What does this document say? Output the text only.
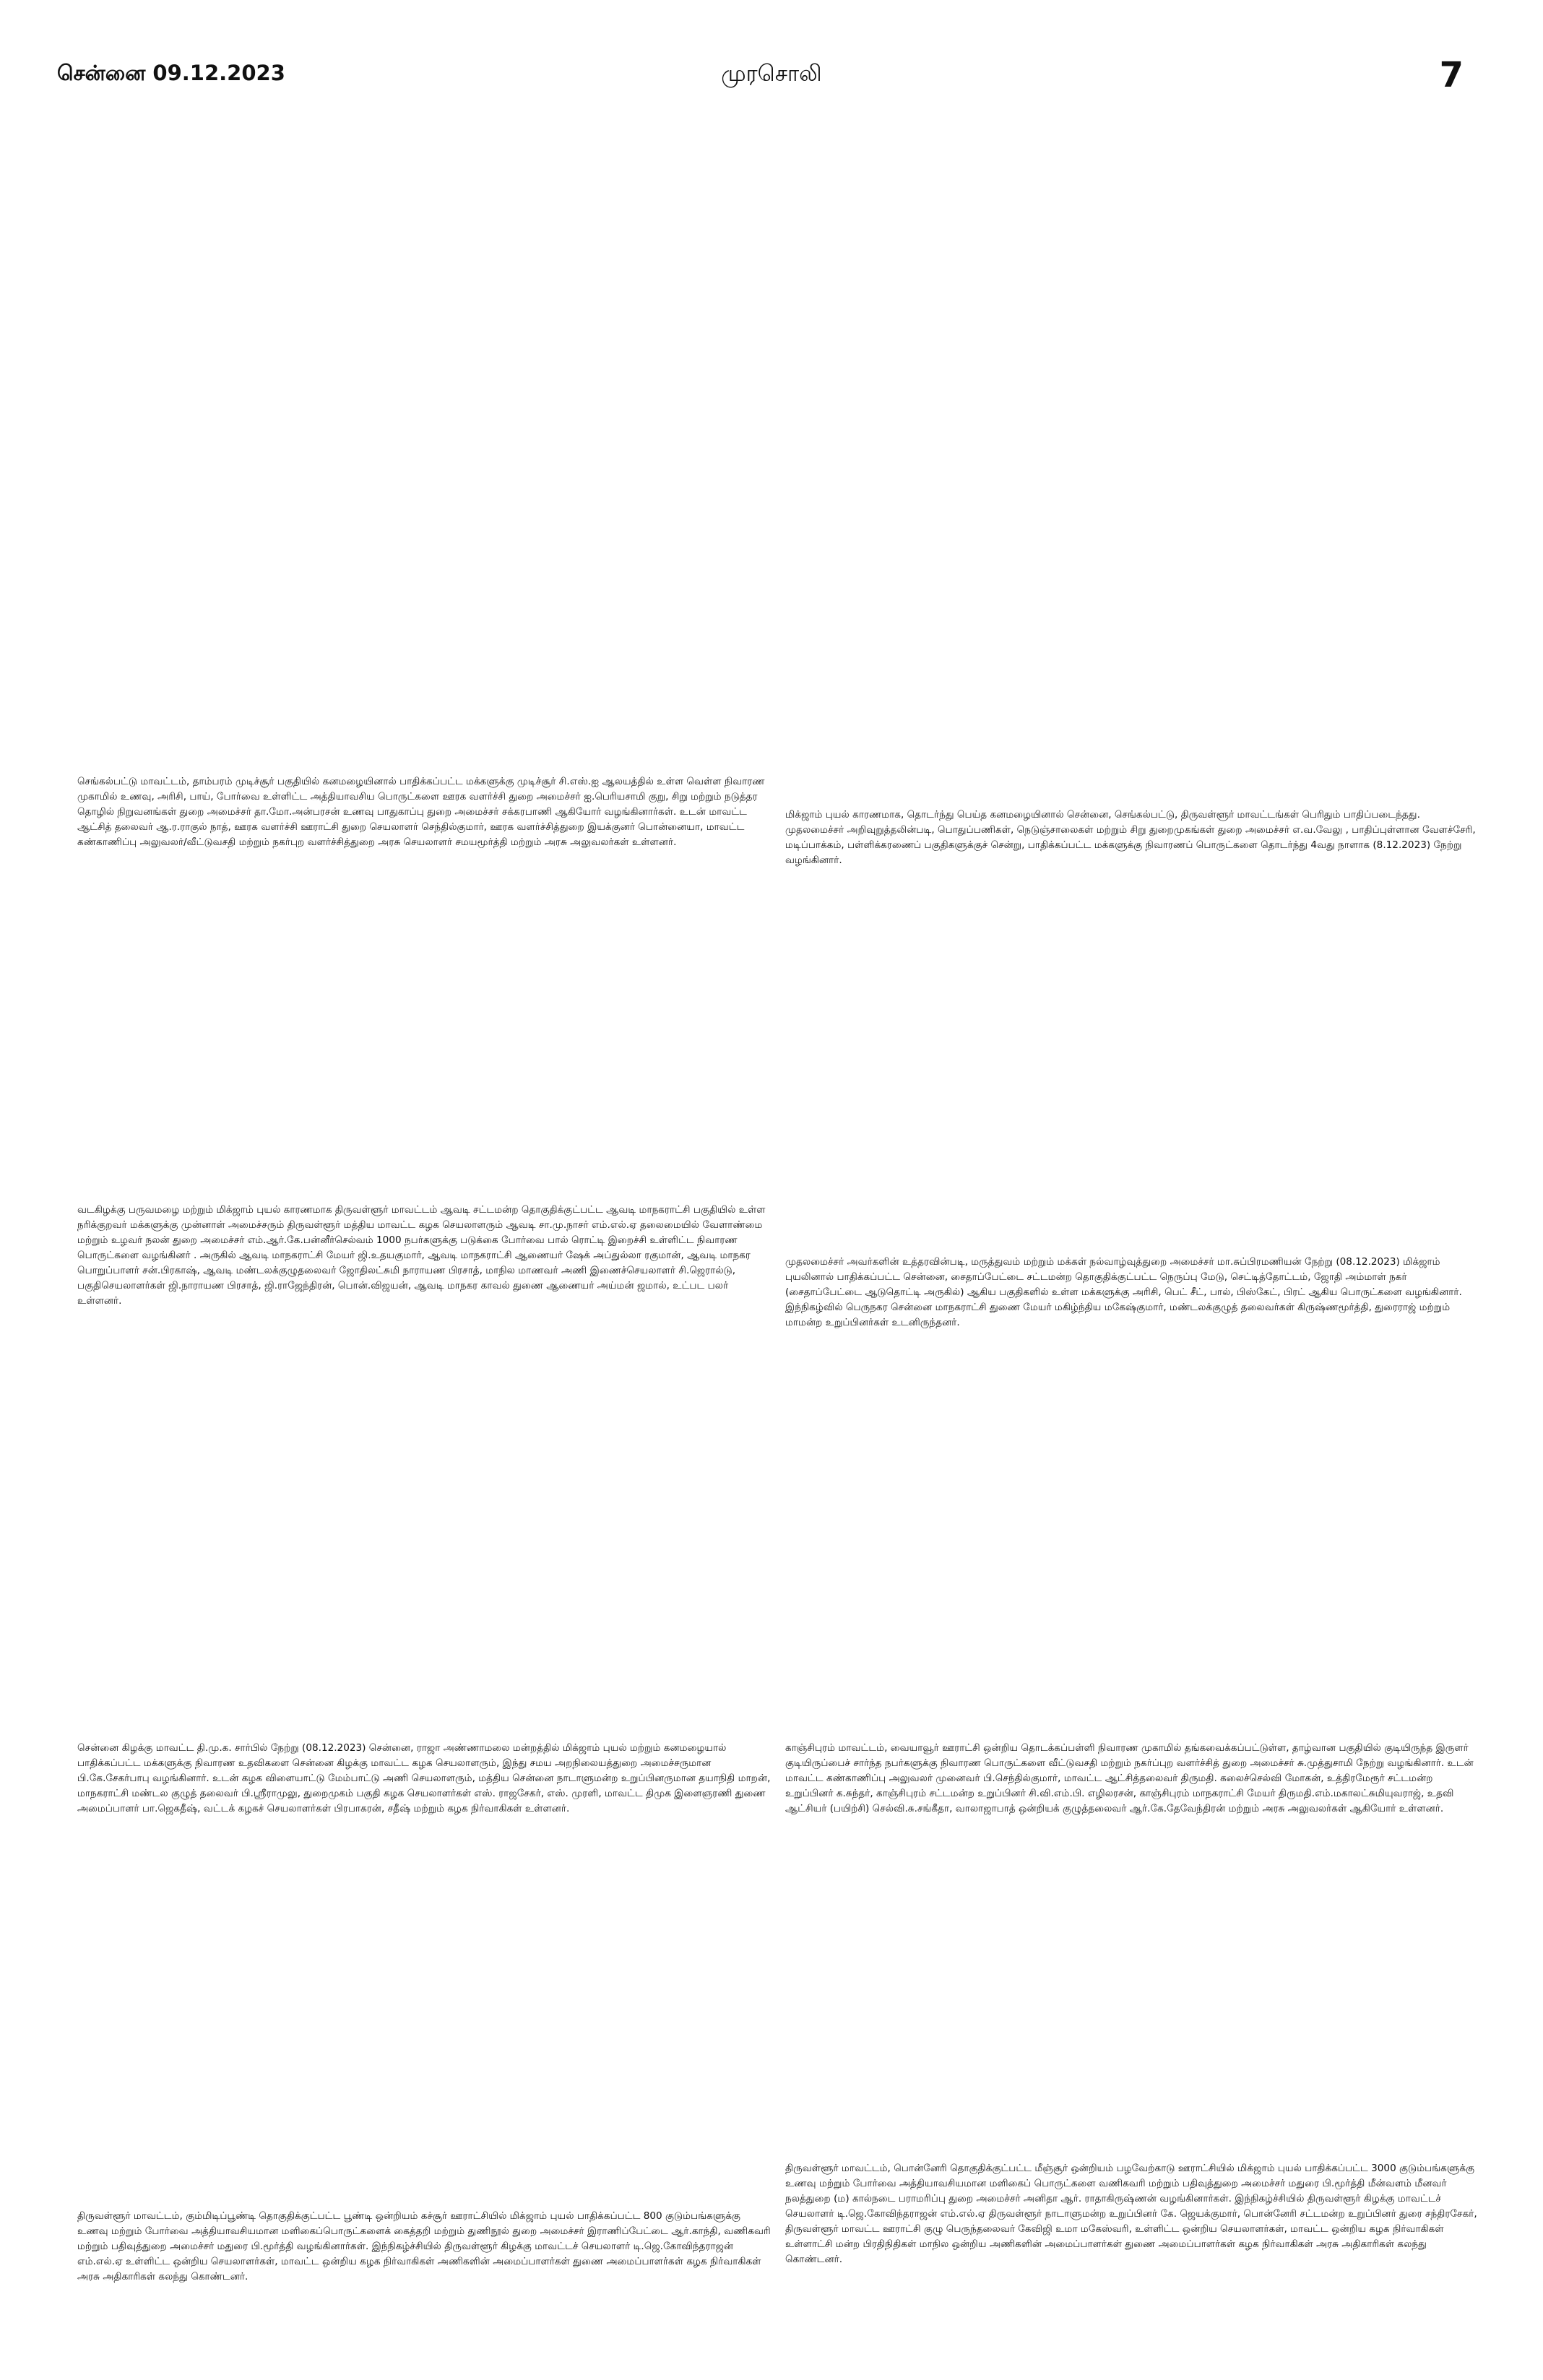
சென்னை 09.12.2023	முரசொலி	7
செங்கல்பட்டு மாவட்டம், தாம்பரம் முடிச்சூர் பகுதியில் கனமழையினால் பாதிக்கப்பட்ட மக்களுக்கு முடிச்சூர் சி.எஸ்.ஐ ஆலயத்தில் உள்ள வெள்ள நிவாரண முகாமில் உணவு, அரிசி, பாய், போர்வை உள்ளிட்ட அத்தியாவசிய பொருட்களை ஊரக வளர்ச்சி துறை அமைச்சர் ஐ.பெரியசாமி குறு, சிறு மற்றும் நடுத்தர தொழில் நிறுவனங்கள் துறை அமைச்சர் தா.மோ.அன்பரசன் உணவு பாதுகாப்பு துறை அமைச்சர் சக்கரபாணி ஆகியோர் வழங்கினார்கள். உடன் மாவட்ட ஆட்சித் தலைவர் ஆ.ர.ராகுல் நாத், ஊரக வளர்ச்சி ஊராட்சி துறை செயலாளர் செந்தில்குமார், ஊரக வளர்ச்சித்துறை இயக்குனர் பொன்னையா, மாவட்ட கண்காணிப்பு அலுவலர்/வீட்டுவசதி மற்றும் நகர்புற வளர்ச்சித்துறை அரசு செயலாளர் சமயமூர்த்தி மற்றும் அரசு அலுவலர்கள் உள்ளனர்.
மிக்ஜாம் புயல் காரணமாக, தொடர்ந்து பெய்த கனமழையினால் சென்னை, செங்கல்பட்டு, திருவள்ளூர் மாவட்டங்கள் பெரிதும் பாதிப்படைந்தது. முதலமைச்சர் அறிவுறுத்தலின்படி, பொதுப்பணிகள், நெடுஞ்சாலைகள் மற்றும் சிறு துறைமுகங்கள் துறை அமைச்சர் எ.வ.வேலு , பாதிப்புள்ளான வேளச்சேரி, மடிப்பாக்கம், பள்ளிக்கரணைப் பகுதிகளுக்குச் சென்று, பாதிக்கப்பட்ட மக்களுக்கு நிவாரணப் பொருட்களை தொடர்ந்து 4வது நாளாக (8.12.2023) நேற்று வழங்கினார்.
வடகிழக்கு பருவமழை மற்றும் மிக்ஜாம் புயல் காரணமாக திருவள்ளூர் மாவட்டம் ஆவடி சட்டமன்ற தொகுதிக்குட்பட்ட ஆவடி மாநகராட்சி பகுதியில் உள்ள நரிக்குறவர் மக்களுக்கு முன்னாள் அமைச்சரும் திருவள்ளூர் மத்திய மாவட்ட கழக செயலாளரும் ஆவடி சா.மு.நாசர் எம்.எல்.ஏ தலைமையில் வேளாண்மை மற்றும் உழவர் நலன் துறை அமைச்சர் எம்.ஆர்.கே.பன்னீர்செல்வம் 1000 நபர்களுக்கு படுக்கை போர்வை பால் ரொட்டி இறைச்சி உள்ளிட்ட நிவாரண பொருட்களை வழங்கினர் . அருகில் ஆவடி மாநகராட்சி மேயர் ஜி.உதயகுமார், ஆவடி மாநகராட்சி ஆணையர் ஷேக் அப்துல்லா ரகுமான், ஆவடி மாநகர பொறுப்பாளர் சன்.பிரகாஷ், ஆவடி மண்டலக்குழுதலைவர் ஜோதிலட்சுமி நாராயண பிரசாத், மாநில மாணவர் அணி இணைச்செயலாளர் சி.ஜெரால்டு, பகுதிசெயலாளர்கள் ஜி.நாராயண பிரசாத், ஜி.ராஜேந்திரன், பொன்.விஜயன், ஆவடி மாநகர காவல் துணை ஆணையர் அய்மன் ஜமால், உட்பட பலர் உள்ளனர்.
முதலமைச்சர் அவர்களின் உத்தரவின்படி, மருத்துவம் மற்றும் மக்கள் நல்வாழ்வுத்துறை அமைச்சர் மா.சுப்பிரமணியன் நேற்று (08.12.2023) மிக்ஜாம் புயலினால் பாதிக்கப்பட்ட சென்னை, சைதாப்பேட்டை சட்டமன்ற தொகுதிக்குட்பட்ட நெருப்பு மேடு, செட்டித்தோட்டம், ஜோதி அம்மாள் நகர் (சைதாப்பேட்டை ஆடுதொட்டி அருகில்) ஆகிய பகுதிகளில் உள்ள மக்களுக்கு அரிசி, பெட் சீட், பால், பிஸ்கேட், பிரட் ஆகிய பொருட்களை வழங்கினார். இந்நிகழ்வில் பெருநகர சென்னை மாநகராட்சி துணை மேயர் மகிழ்ந்திய மகேஷ்குமார், மண்டலக்குழுத் தலைவர்கள் கிருஷ்ணமூர்த்தி, துரைராஜ் மற்றும் மாமன்ற உறுப்பினர்கள் உடனிருந்தனர்.
சென்னை கிழக்கு மாவட்ட தி.மு.க. சார்பில் நேற்று (08.12.2023) சென்னை, ராஜா அண்ணாமலை மன்றத்தில் மிக்ஜாம் புயல் மற்றும் கனமழையால் பாதிக்கப்பட்ட மக்களுக்கு நிவாரண உதவிகளை சென்னை கிழக்கு மாவட்ட கழக செயலாளரும், இந்து சமய அறநிலையத்துறை அமைச்சருமான பி.கே.சேகர்பாபு வழங்கினார். உடன் கழக விளையாட்டு மேம்பாட்டு அணி செயலாளரும், மத்திய சென்னை நாடாளுமன்ற உறுப்பினருமான தயாநிதி மாறன், மாநகராட்சி மண்டல குழுத் தலைவர் பி.ஸ்ரீராமுலு, துறைமுகம் பகுதி கழக செயலாளர்கள் எஸ். ராஜசேகர், எஸ். முரளி, மாவட்ட திமுக இளைஞரணி துணை அமைப்பாளர் பா.ஜெகதீஷ், வட்டக் கழகச் செயலாளர்கள் பிரபாகரன், சதீஷ் மற்றும் கழக நிர்வாகிகள் உள்ளனர்.
காஞ்சிபுரம் மாவட்டம், வையாவூர் ஊராட்சி ஒன்றிய தொடக்கப்பள்ளி நிவாரண முகாமில் தங்கவைக்கப்பட்டுள்ள, தாழ்வான பகுதியில் குடியிருந்த இருளர் குடியிருப்பைச் சார்ந்த நபர்களுக்கு நிவாரண பொருட்களை வீட்டுவசதி மற்றும் நகர்ப்புற வளர்ச்சித் துறை அமைச்சர் சு.முத்துசாமி நேற்று வழங்கினார். உடன் மாவட்ட கண்காணிப்பு அலுவலர் முனைவர் பி.செந்தில்குமார், மாவட்ட ஆட்சித்தலைவர் திருமதி. கலைச்செல்வி மோகன், உத்திரமேரூர் சட்டமன்ற உறுப்பினர் க.சுந்தர், காஞ்சிபுரம் சட்டமன்ற உறுப்பினர் சி.வி.எம்.பி. எழிலரசன், காஞ்சிபுரம் மாநகராட்சி மேயர் திருமதி.எம்.மகாலட்சுமியுவராஜ், உதவி ஆட்சியர் (பயிற்சி) செல்வி.சு.சங்கீதா, வாலாஜாபாத் ஒன்றியக் குழுத்தலைவர் ஆர்.கே.தேவேந்திரன் மற்றும் அரசு அலுவலர்கள் ஆகியோர் உள்ளனர்.
திருவள்ளூர் மாவட்டம், கும்மிடிப்பூண்டி தொகுதிக்குட்பட்ட பூண்டி ஒன்றியம் கச்சூர் ஊராட்சியில் மிக்ஜாம் புயல் பாதிக்கப்பட்ட 800 குடும்பங்களுக்கு உணவு மற்றும் போர்வை அத்தியாவசியமான மளிகைப்பொருட்களைக் கைத்தறி மற்றும் துணிநூல் துறை அமைச்சர் இராணிப்பேட்டை ஆர்.காந்தி, வணிகவரி மற்றும் பதிவுத்துறை அமைச்சர் மதுரை பி.மூர்த்தி வழங்கினார்கள். இந்நிகழ்ச்சியில் திருவள்ளூர் கிழக்கு மாவட்டச் செயலாளர் டி.ஜெ.கோவிந்தராஜன் எம்.எல்.ஏ உள்ளிட்ட ஒன்றிய செயலாளர்கள், மாவட்ட ஒன்றிய கழக நிர்வாகிகள் அணிகளின் அமைப்பாளர்கள் துணை அமைப்பாளர்கள் கழக நிர்வாகிகள் அரசு அதிகாரிகள் கலந்து கொண்டனர்.
திருவள்ளூர் மாவட்டம், பொன்னேரி தொகுதிக்குட்பட்ட மீஞ்சூர் ஒன்றியம் பழவேற்காடு ஊராட்சியில் மிக்ஜாம் புயல் பாதிக்கப்பட்ட 3000 குடும்பங்களுக்கு உணவு மற்றும் போர்வை அத்தியாவசியமான மளிகைப் பொருட்களை வணிகவரி மற்றும் பதிவுத்துறை அமைச்சர் மதுரை பி.மூர்த்தி மீன்வளம் மீனவர் நலத்துறை (ம) கால்நடை பராமரிப்பு துறை அமைச்சர் அனிதா ஆர். ராதாகிருஷ்ணன் வழங்கினார்கள். இந்நிகழ்ச்சியில் திருவள்ளூர் கிழக்கு மாவட்டச் செயலாளர் டி.ஜெ.கோவிந்தராஜன் எம்.எல்.ஏ திருவள்ளூர் நாடாளுமன்ற உறுப்பினர் கே. ஜெயக்குமார், பொன்னேரி சட்டமன்ற உறுப்பினர் துரை சந்திரசேகர், திருவள்ளூர் மாவட்ட ஊராட்சி குழு பெருந்தலைவர் கேவிஜி உமா மகேஸ்வரி, உள்ளிட்ட ஒன்றிய செயலாளர்கள், மாவட்ட ஒன்றிய கழக நிர்வாகிகள் உள்ளாட்சி மன்ற பிரதிநிதிகள் மாநில ஒன்றிய அணிகளின் அமைப்பாளர்கள் துணை அமைப்பாளர்கள் கழக நிர்வாகிகள் அரசு அதிகாரிகள் கலந்து கொண்டனர்.
